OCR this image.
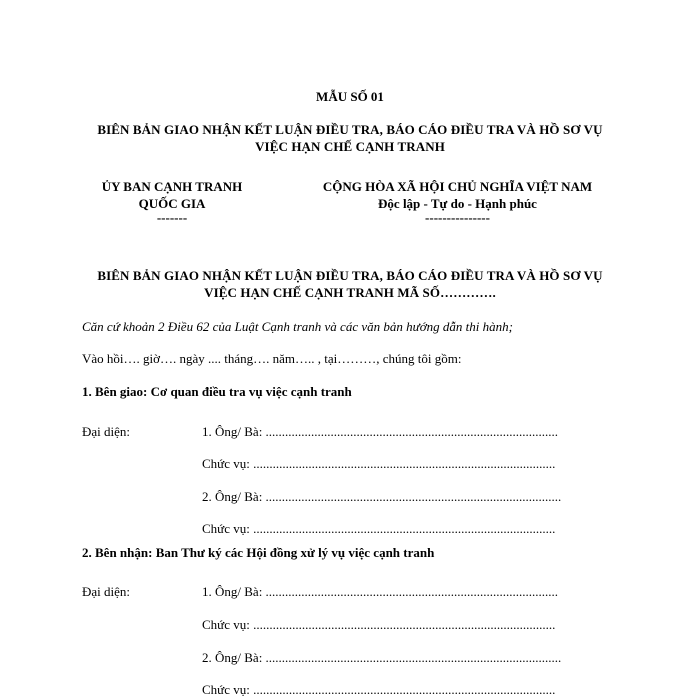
MẪU SỐ 01
BIÊN BẢN GIAO NHẬN KẾT LUẬN ĐIỀU TRA, BÁO CÁO ĐIỀU TRA VÀ HỒ SƠ VỤ
VIỆC HẠN CHẾ CẠNH TRANH
ỦY BAN CẠNH TRANH
QUỐC GIA
-------
CỘNG HÒA XÃ HỘI CHỦ NGHĨA VIỆT NAM
Độc lập - Tự do - Hạnh phúc
---------------
BIÊN BẢN GIAO NHẬN KẾT LUẬN ĐIỀU TRA, BÁO CÁO ĐIỀU TRA VÀ HỒ SƠ VỤ
VIỆC HẠN CHẾ CẠNH TRANH MÃ SỐ………….
Căn cứ khoản 2 Điều 62 của Luật Cạnh tranh và các văn bản hướng dẫn thi hành;
Vào hồi…. giờ…. ngày .... tháng…. năm….. , tại………, chúng tôi gồm:
1. Bên giao: Cơ quan điều tra vụ việc cạnh tranh
Đại diện:	1. Ông/ Bà: ..........................................................................................
Chức vụ: .............................................................................................
2. Ông/ Bà: ...........................................................................................
Chức vụ: .............................................................................................
2. Bên nhận: Ban Thư ký các Hội đồng xử lý vụ việc cạnh tranh
Đại diện:	1. Ông/ Bà: ..........................................................................................
Chức vụ: .............................................................................................
2. Ông/ Bà: ...........................................................................................
Chức vụ: .............................................................................................
